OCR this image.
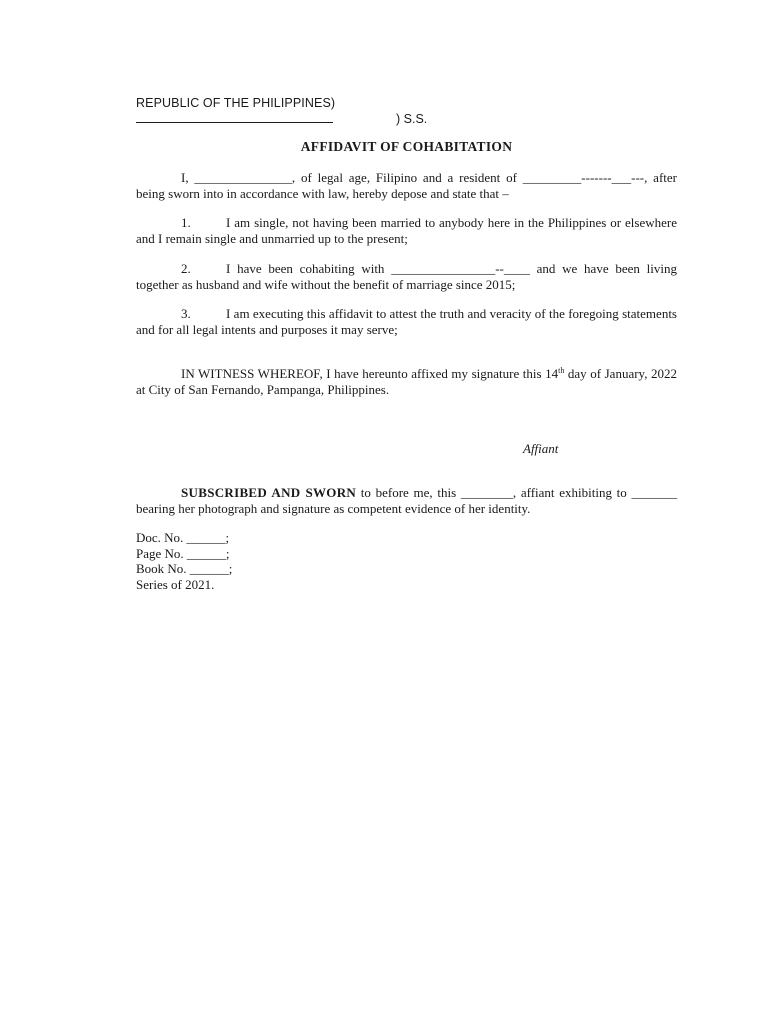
REPUBLIC OF THE PHILIPPINES)
) S.S.
AFFIDAVIT OF COHABITATION
I, _______________, of legal age, Filipino and a resident of _________-------___---, after being sworn into in accordance with law, hereby depose and state that –
1.	I am single, not having been married to anybody here in the Philippines or elsewhere and I remain single and unmarried up to the present;
2.	I have been cohabiting with ________________--____ and we have been living together as husband and wife without the benefit of marriage since 2015;
3.	I am executing this affidavit to attest the truth and veracity of the foregoing statements and for all legal intents and purposes it may serve;
IN WITNESS WHEREOF, I have hereunto affixed my signature this 14th day of January, 2022 at City of San Fernando, Pampanga, Philippines.
Affiant
SUBSCRIBED AND SWORN to before me, this ________, affiant exhibiting to _______ bearing her photograph and signature as competent evidence of her identity.
Doc. No. ______;
Page No. ______;
Book No. ______;
Series of 2021.
